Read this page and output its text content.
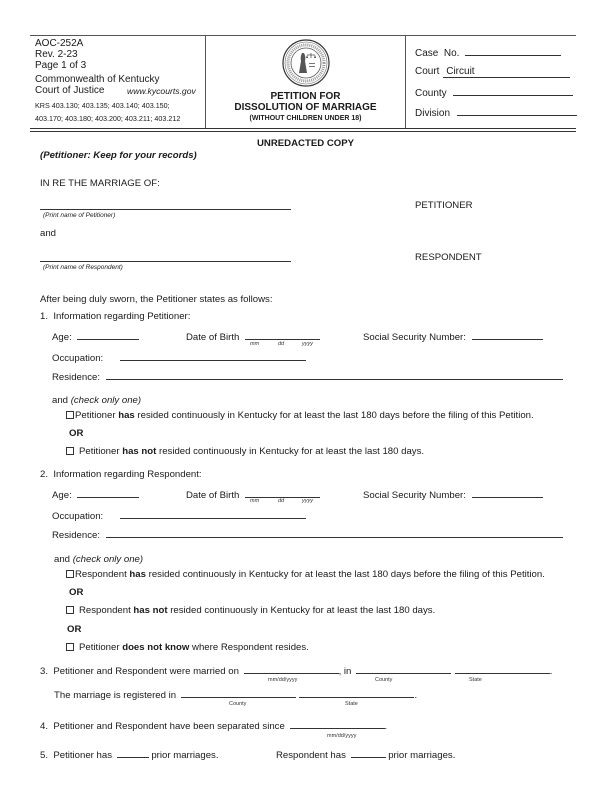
AOC-252A
Rev. 2-23
Page 1 of 3
Commonwealth of Kentucky
Court of Justice	www.kycourts.gov
KRS 403.130; 403.135; 403.140; 403.150;
403.170; 403.180; 403.200; 403.211; 403.212
PETITION FOR
DISSOLUTION OF MARRIAGE
(WITHOUT CHILDREN UNDER 18)
Case  No.
Court Circuit
County
Division
UNREDACTED COPY
(Petitioner: Keep for your records)
IN RE THE MARRIAGE OF:
(Print name of Petitioner)
PETITIONER
and
(Print name of Respondent)
RESPONDENT
After being duly sworn, the Petitioner states as follows:
1.  Information regarding Petitioner:
Age:	Date of Birth
mm	dd	yyyy
Social Security Number:
Occupation:
Residence:
and (check only one)
Petitioner has resided continuously in Kentucky for at least the last 180 days before the filing of this Petition.
OR
Petitioner has not resided continuously in Kentucky for at least the last 180 days.
2.  Information regarding Respondent:
Age:	Date of Birth	mm	dd	yyyy	Social Security Number:
Occupation:
Residence:
and (check only one)
Respondent has resided continuously in Kentucky for at least the last 180 days before the filing of this Petition.
OR
Respondent has not resided continuously in Kentucky for at least the last 180 days.
OR
Petitioner does not know where Respondent resides.
3.  Petitioner and Respondent were married on	, in	.
mm/dd/yyyy	County	State
The marriage is registered in	.
County	State
4.  Petitioner and Respondent have been separated since	.
mm/dd/yyyy
5.  Petitioner has	prior marriages.	Respondent has	prior marriages.
